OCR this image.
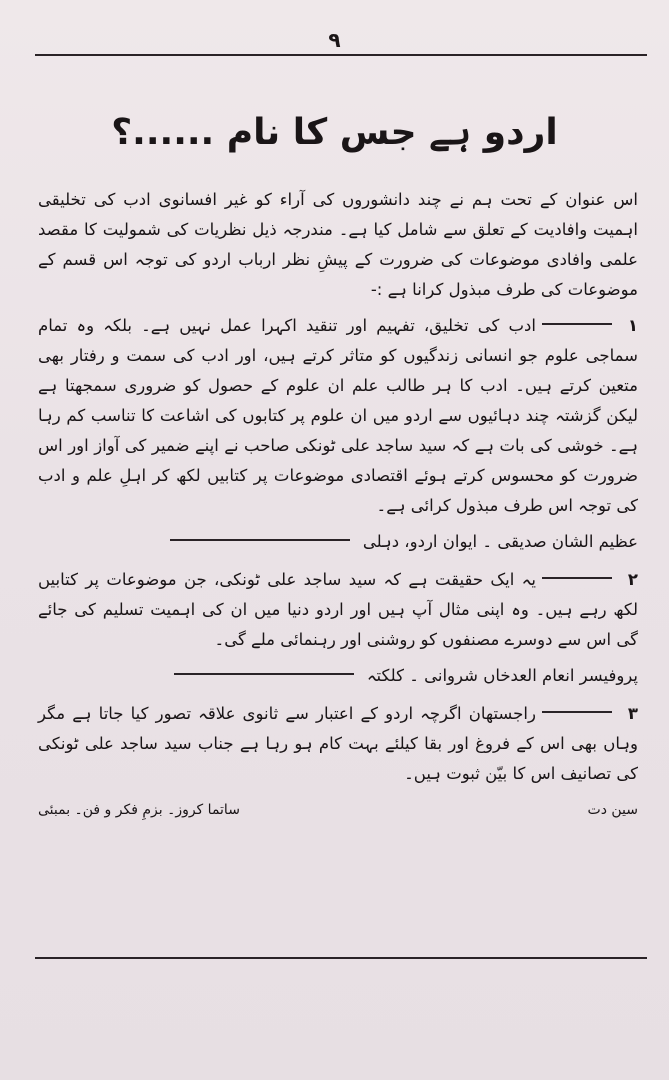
۹
اردو ہے جس کا نام ......؟

اس عنوان کے تحت ہم نے چند دانشوروں کی آراء کو غیر افسانوی ادب کی تخلیقی اہمیت وافادیت کے تعلق سے شامل کیا ہے۔ مندرجہ ذیل نظریات کی شمولیت کا مقصد علمی وافادی موضوعات کی ضرورت کے پیشِ نظر ارباب اردو کی توجہ اس قسم کے موضوعات کی طرف مبذول کرانا ہے :-

۱ادب کی تخلیق، تفہیم اور تنقید اکہرا عمل نہیں ہے۔ بلکہ وہ تمام سماجی علوم جو انسانی زندگیوں کو متاثر کرتے ہیں، اور ادب کی سمت و رفتار بھی متعین کرتے ہیں۔ ادب کا ہر طالب علم ان علوم کے حصول کو ضروری سمجھتا ہے لیکن گزشتہ چند دہائیوں سے اردو میں ان علوم پر کتابوں کی اشاعت کا تناسب کم رہا ہے۔ خوشی کی بات ہے کہ سید ساجد علی ٹونکی صاحب نے اپنے ضمیر کی آواز اور اس ضرورت کو محسوس کرتے ہوئے اقتصادی موضوعات پر کتابیں لکھ کر اہلِ علم و ادب کی توجہ اس طرف مبذول کرائی ہے۔

عظیم الشان صدیقی ۔ ایوان اردو، دہلی

۲یہ ایک حقیقت ہے کہ سید ساجد علی ٹونکی، جن موضوعات پر کتابیں لکھ رہے ہیں۔ وہ اپنی مثال آپ ہیں اور اردو دنیا میں ان کی اہمیت تسلیم کی جائے گی اس سے دوسرے مصنفوں کو روشنی اور رہنمائی ملے گی۔

پروفیسر انعام العدخاں شروانی ۔ کلکتہ

۳راجستھان اگرچہ اردو کے اعتبار سے ثانوی علاقہ تصور کیا جاتا ہے مگر وہاں بھی اس کے فروغ اور بقا کیلئے بہت کام ہو رہا ہے جناب سید ساجد علی ٹونکی کی تصانیف اس کا بیّن ثبوت ہیں۔

سین دت
ساتما کروز۔ بزمِ فکر و فن۔ بمبئی
